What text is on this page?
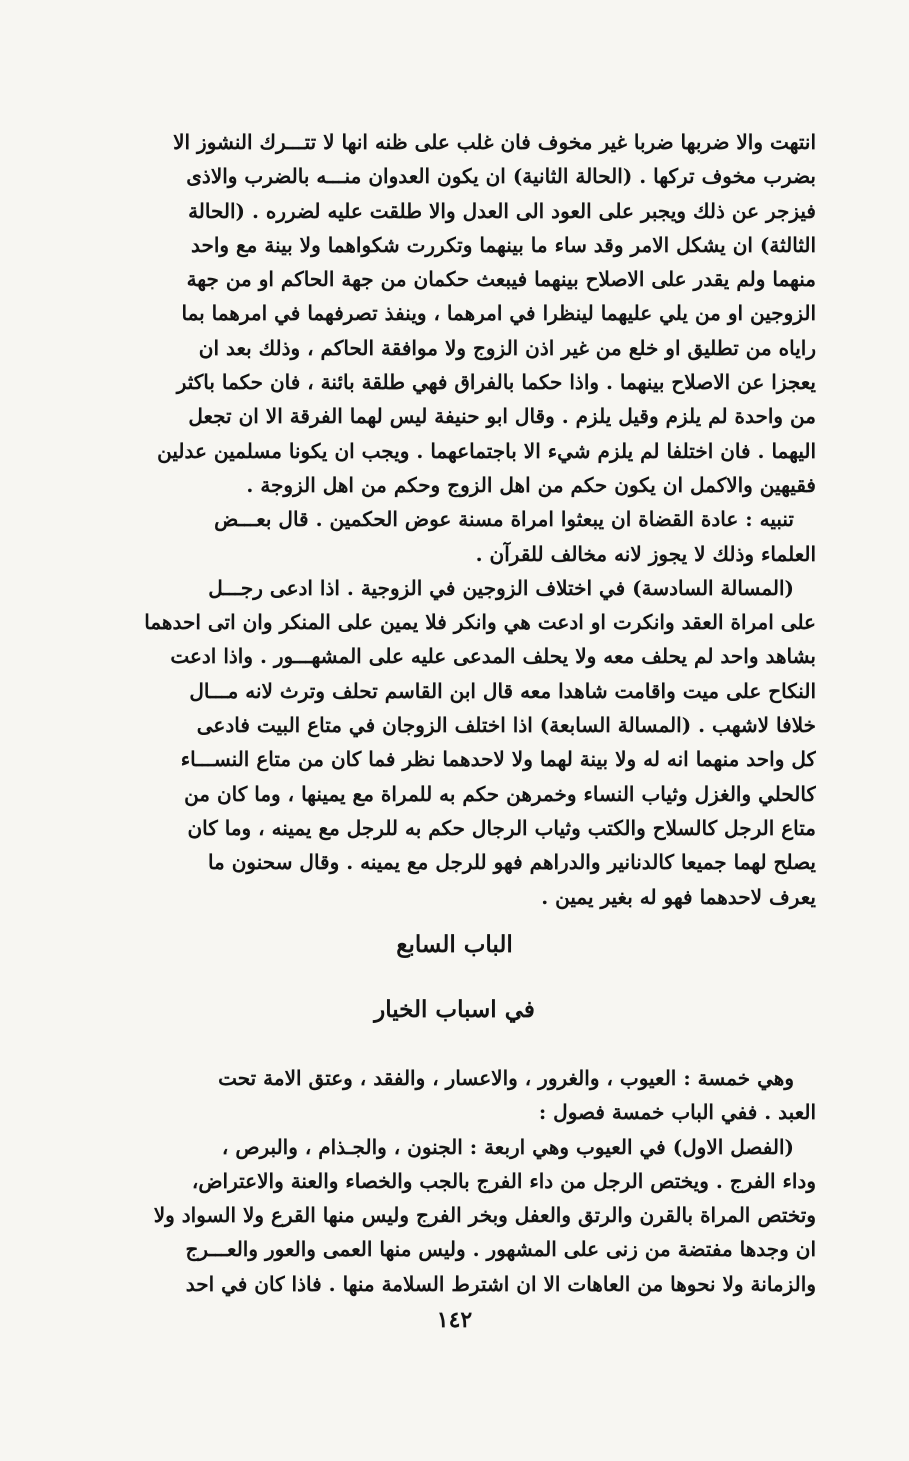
انتهت والا ضربها ضربا غير مخوف فان غلب على ظنه انها لا تتـــرك النشوز الا
بضرب مخوف تركها . (الحالة الثانية) ان يكون العدوان منـــه بالضرب والاذى
فيزجر عن ذلك ويجبر على العود الى العدل والا طلقت عليه لضرره . (الحالة
الثالثة) ان يشكل الامر وقد ساء ما بينهما وتكررت شكواهما ولا بينة مع واحد
منهما ولم يقدر على الاصلاح بينهما فيبعث حكمان من جهة الحاكم او من جهة
الزوجين او من يلي عليهما لينظرا في امرهما ، وينفذ تصرفهما في امرهما بما
راياه من تطليق او خلع من غير اذن الزوج ولا موافقة الحاكم ، وذلك بعد ان
يعجزا عن الاصلاح بينهما . واذا حكما بالفراق فهي طلقة بائنة ، فان حكما باكثر
من واحدة لم يلزم وقيل يلزم . وقال ابو حنيفة ليس لهما الفرقة الا ان تجعل
اليهما . فان اختلفا لم يلزم شيء الا باجتماعهما . ويجب ان يكونا مسلمين عدلين
فقيهين والاكمل ان يكون حكم من اهل الزوج وحكم من اهل الزوجة .
تنبيه : عادة القضاة ان يبعثوا امراة مسنة عوض الحكمين . قال بعـــض
العلماء وذلك لا يجوز لانه مخالف للقرآن .
(المسالة السادسة) في اختلاف الزوجين في الزوجية . اذا ادعى رجـــل
على امراة العقد وانكرت او ادعت هي وانكر فلا يمين على المنكر وان اتى احدهما
بشاهد واحد لم يحلف معه ولا يحلف المدعى عليه على المشهـــور . واذا ادعت
النكاح على ميت واقامت شاهدا معه قال ابن القاسم تحلف وترث لانه مـــال
خلافا لاشهب . (المسالة السابعة) اذا اختلف الزوجان في متاع البيت فادعى
كل واحد منهما انه له ولا بينة لهما ولا لاحدهما نظر فما كان من متاع النســـاء
كالحلي والغزل وثياب النساء وخمرهن حكم به للمراة مع يمينها ، وما كان من
متاع الرجل كالسلاح والكتب وثياب الرجال حكم به للرجل مع يمينه ، وما كان
يصلح لهما جميعا كالدنانير والدراهم فهو للرجل مع يمينه . وقال سحنون ما
يعرف لاحدهما فهو له بغير يمين .
الباب السابع
في اسباب الخيار
وهي خمسة : العيوب ، والغرور ، والاعسار ، والفقد ، وعتق الامة تحت
العبد . ففي الباب خمسة فصول :
(الفصل الاول) في العيوب وهي اربعة : الجنون ، والجـذام ، والبرص ،
وداء الفرج . ويختص الرجل من داء الفرج بالجب والخصاء والعنة والاعتراض،
وتختص المراة بالقرن والرتق والعفل وبخر الفرج وليس منها القرع ولا السواد ولا
ان وجدها مفتضة من زنى على المشهور . وليس منها العمى والعور والعـــرج
والزمانة ولا نحوها من العاهات الا ان اشترط السلامة منها . فاذا كان في احد
١٤٢
